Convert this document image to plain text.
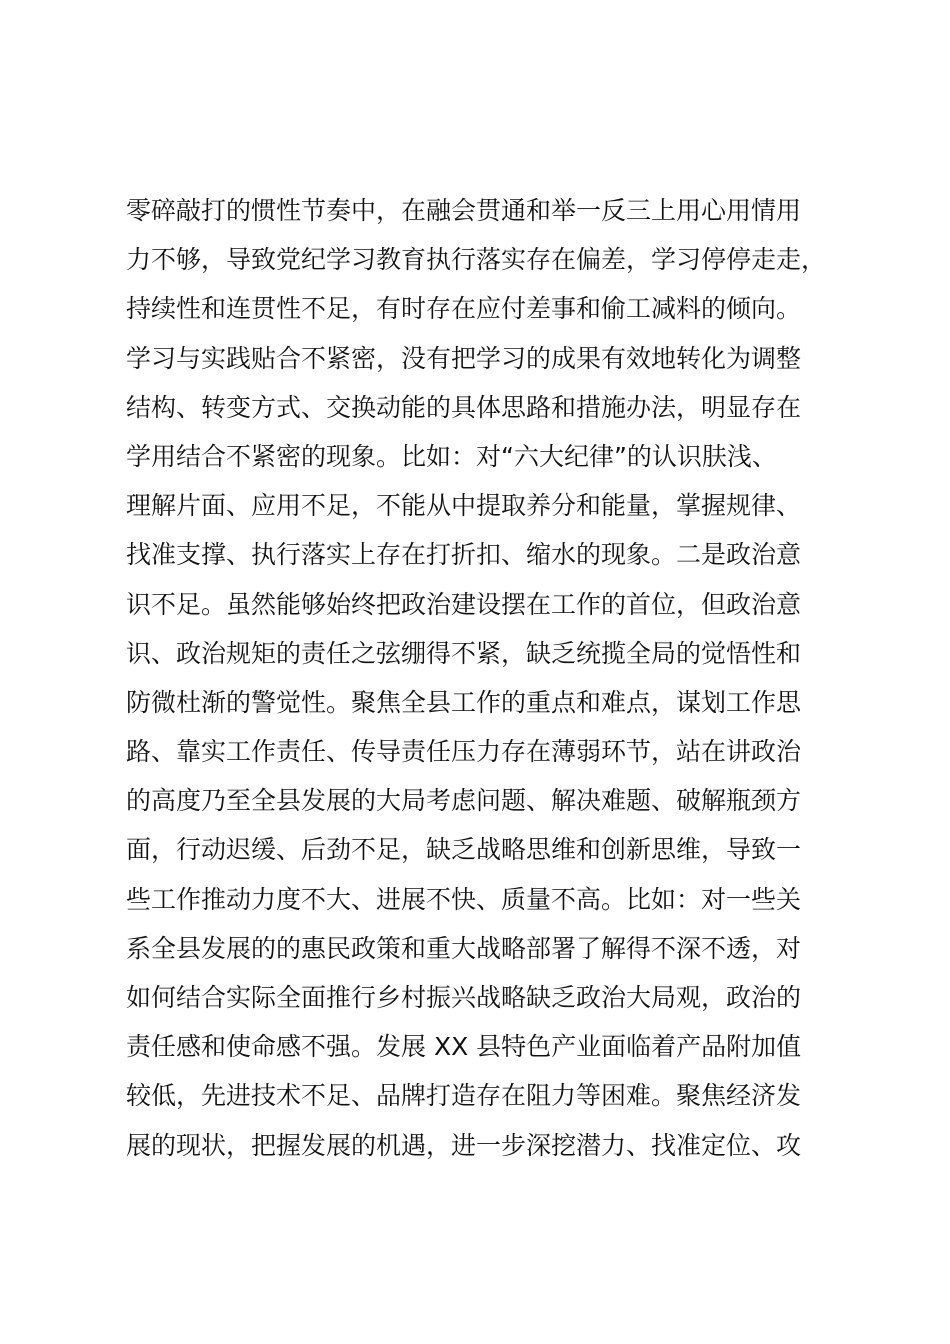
零碎敲打的惯性节奏中，在融会贯通和举一反三上用心用情用
力不够，导致党纪学习教育执行落实存在偏差，学习停停走走，
持续性和连贯性不足，有时存在应付差事和偷工减料的倾向。
学习与实践贴合不紧密，没有把学习的成果有效地转化为调整
结构、转变方式、交换动能的具体思路和措施办法，明显存在
学用结合不紧密的现象。比如：对“六大纪律”的认识肤浅、
理解片面、应用不足，不能从中提取养分和能量，掌握规律、
找准支撑、执行落实上存在打折扣、缩水的现象。二是政治意
识不足。虽然能够始终把政治建设摆在工作的首位，但政治意
识、政治规矩的责任之弦绷得不紧，缺乏统揽全局的觉悟性和
防微杜渐的警觉性。聚焦全县工作的重点和难点，谋划工作思
路、靠实工作责任、传导责任压力存在薄弱环节，站在讲政治
的高度乃至全县发展的大局考虑问题、解决难题、破解瓶颈方
面，行动迟缓、后劲不足，缺乏战略思维和创新思维，导致一
些工作推动力度不大、进展不快、质量不高。比如：对一些关
系全县发展的的惠民政策和重大战略部署了解得不深不透，对
如何结合实际全面推行乡村振兴战略缺乏政治大局观，政治的
责任感和使命感不强。发展 XX 县特色产业面临着产品附加值
较低，先进技术不足、品牌打造存在阻力等困难。聚焦经济发
展的现状，把握发展的机遇，进一步深挖潜力、找准定位、攻
